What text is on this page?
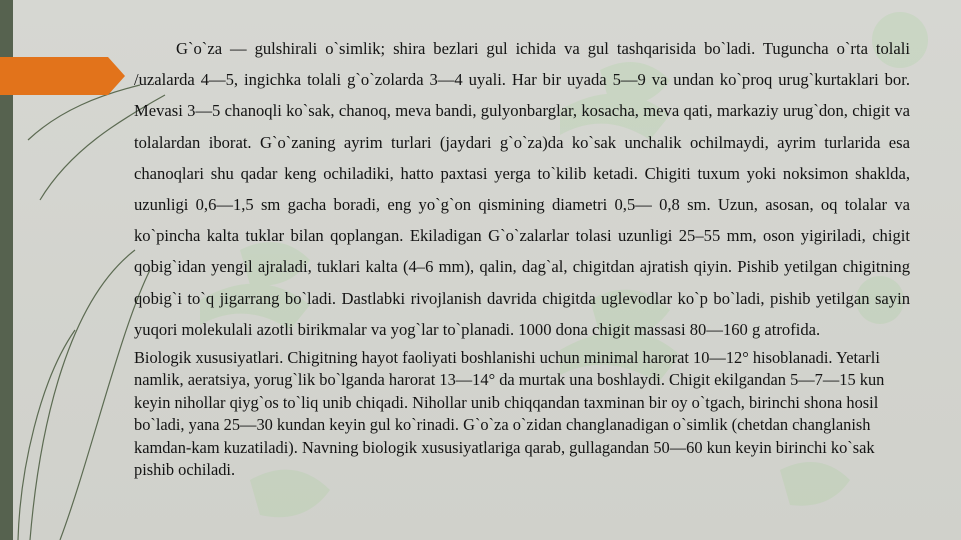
G`o`za — gulshirali o`simlik; shira bezlari gul ichida va gul tashqarisida bo`ladi. Tuguncha o`rta tolali /uzalarda 4—5, ingichka tolali g`o`zolarda 3—4 uyali. Har bir uyada 5—9 va undan ko`proq urug`kurtaklari bor. Mevasi 3—5 chanoqli ko`sak, chanoq, meva bandi, gulyonbarglar, kosacha, meva qati, markaziy urug`don, chigit va tolalardan iborat. G`o`zaning ayrim turlari (jaydari g`o`za)da ko`sak unchalik ochilmaydi, ayrim turlarida esa chanoqlari shu qadar keng ochiladiki, hatto paxtasi yerga to`kilib ketadi. Chigiti tuxum yoki noksimon shaklda, uzunligi 0,6—1,5 sm gacha boradi, eng yo`g`on qismining diametri 0,5— 0,8 sm. Uzun, asosan, oq tolalar va ko`pincha kalta tuklar bilan qoplangan. Ekiladigan G`o`zalarlar tolasi uzunligi 25–55 mm, oson yigiriladi, chigit qobig`idan yengil ajraladi, tuklari kalta (4–6 mm), qalin, dag`al, chigitdan ajratish qiyin. Pishib yetilgan chigitning qobig`i to`q jigarrang bo`ladi. Dastlabki rivojlanish davrida chigitda uglevodlar ko`p bo`ladi, pishib yetilgan sayin yuqori molekulali azotli birikmalar va yog`lar to`planadi. 1000 dona chigit massasi 80—160 g atrofida.

Biologik xususiyatlari. Chigitning hayot faoliyati boshlanishi uchun minimal harorat 10—12° hisoblanadi. Yetarli namlik, aeratsiya, yorug`lik bo`lganda harorat 13—14° da murtak una boshlaydi. Chigit ekilgandan 5—7—15 kun keyin nihollar qiyg`os to`liq unib chiqadi. Nihollar unib chiqqandan taxminan bir oy o`tgach, birinchi shona hosil bo`ladi, yana 25—30 kundan keyin gul ko`rinadi. G`o`za o`zidan changlanadigan o`simlik (chetdan changlanish kamdan-kam kuzatiladi). Navning biologik xususiyatlariga qarab, gullagandan 50—60 kun keyin birinchi ko`sak pishib ochiladi.
